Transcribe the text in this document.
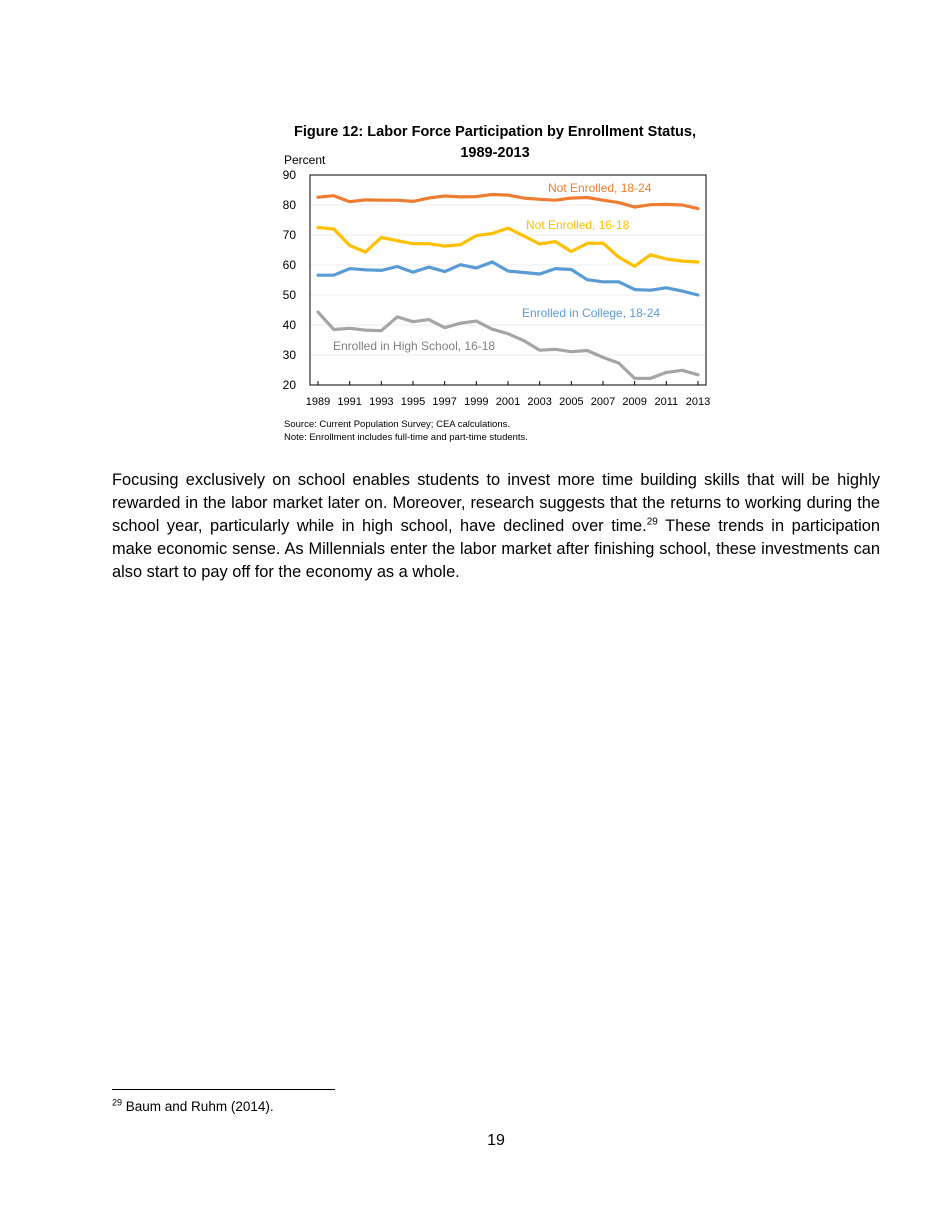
Figure 12: Labor Force Participation by Enrollment Status,
1989-2013
Percent
20
30
40
50
60
70
80
90
1989 1991 1993 1995 1997 1999 2001 2003 2005 2007 2009 2011 2013
Not Enrolled, 18-24
Not Enrolled, 16-18
Enrolled in College, 18-24
Enrolled in High School, 16-18
Source: Current Population Survey; CEA calculations.
Note: Enrollment includes full-time and part-time students.

Focusing exclusively on school enables students to invest more time building skills that will be highly rewarded in the labor market later on. Moreover, research suggests that the returns to working during the school year, particularly while in high school, have declined over time.$^{29}$ These trends in participation make economic sense. As Millennials enter the labor market after finishing school, these investments can also start to pay off for the economy as a whole.

$^{29}$ Baum and Ruhm (2014).
19
